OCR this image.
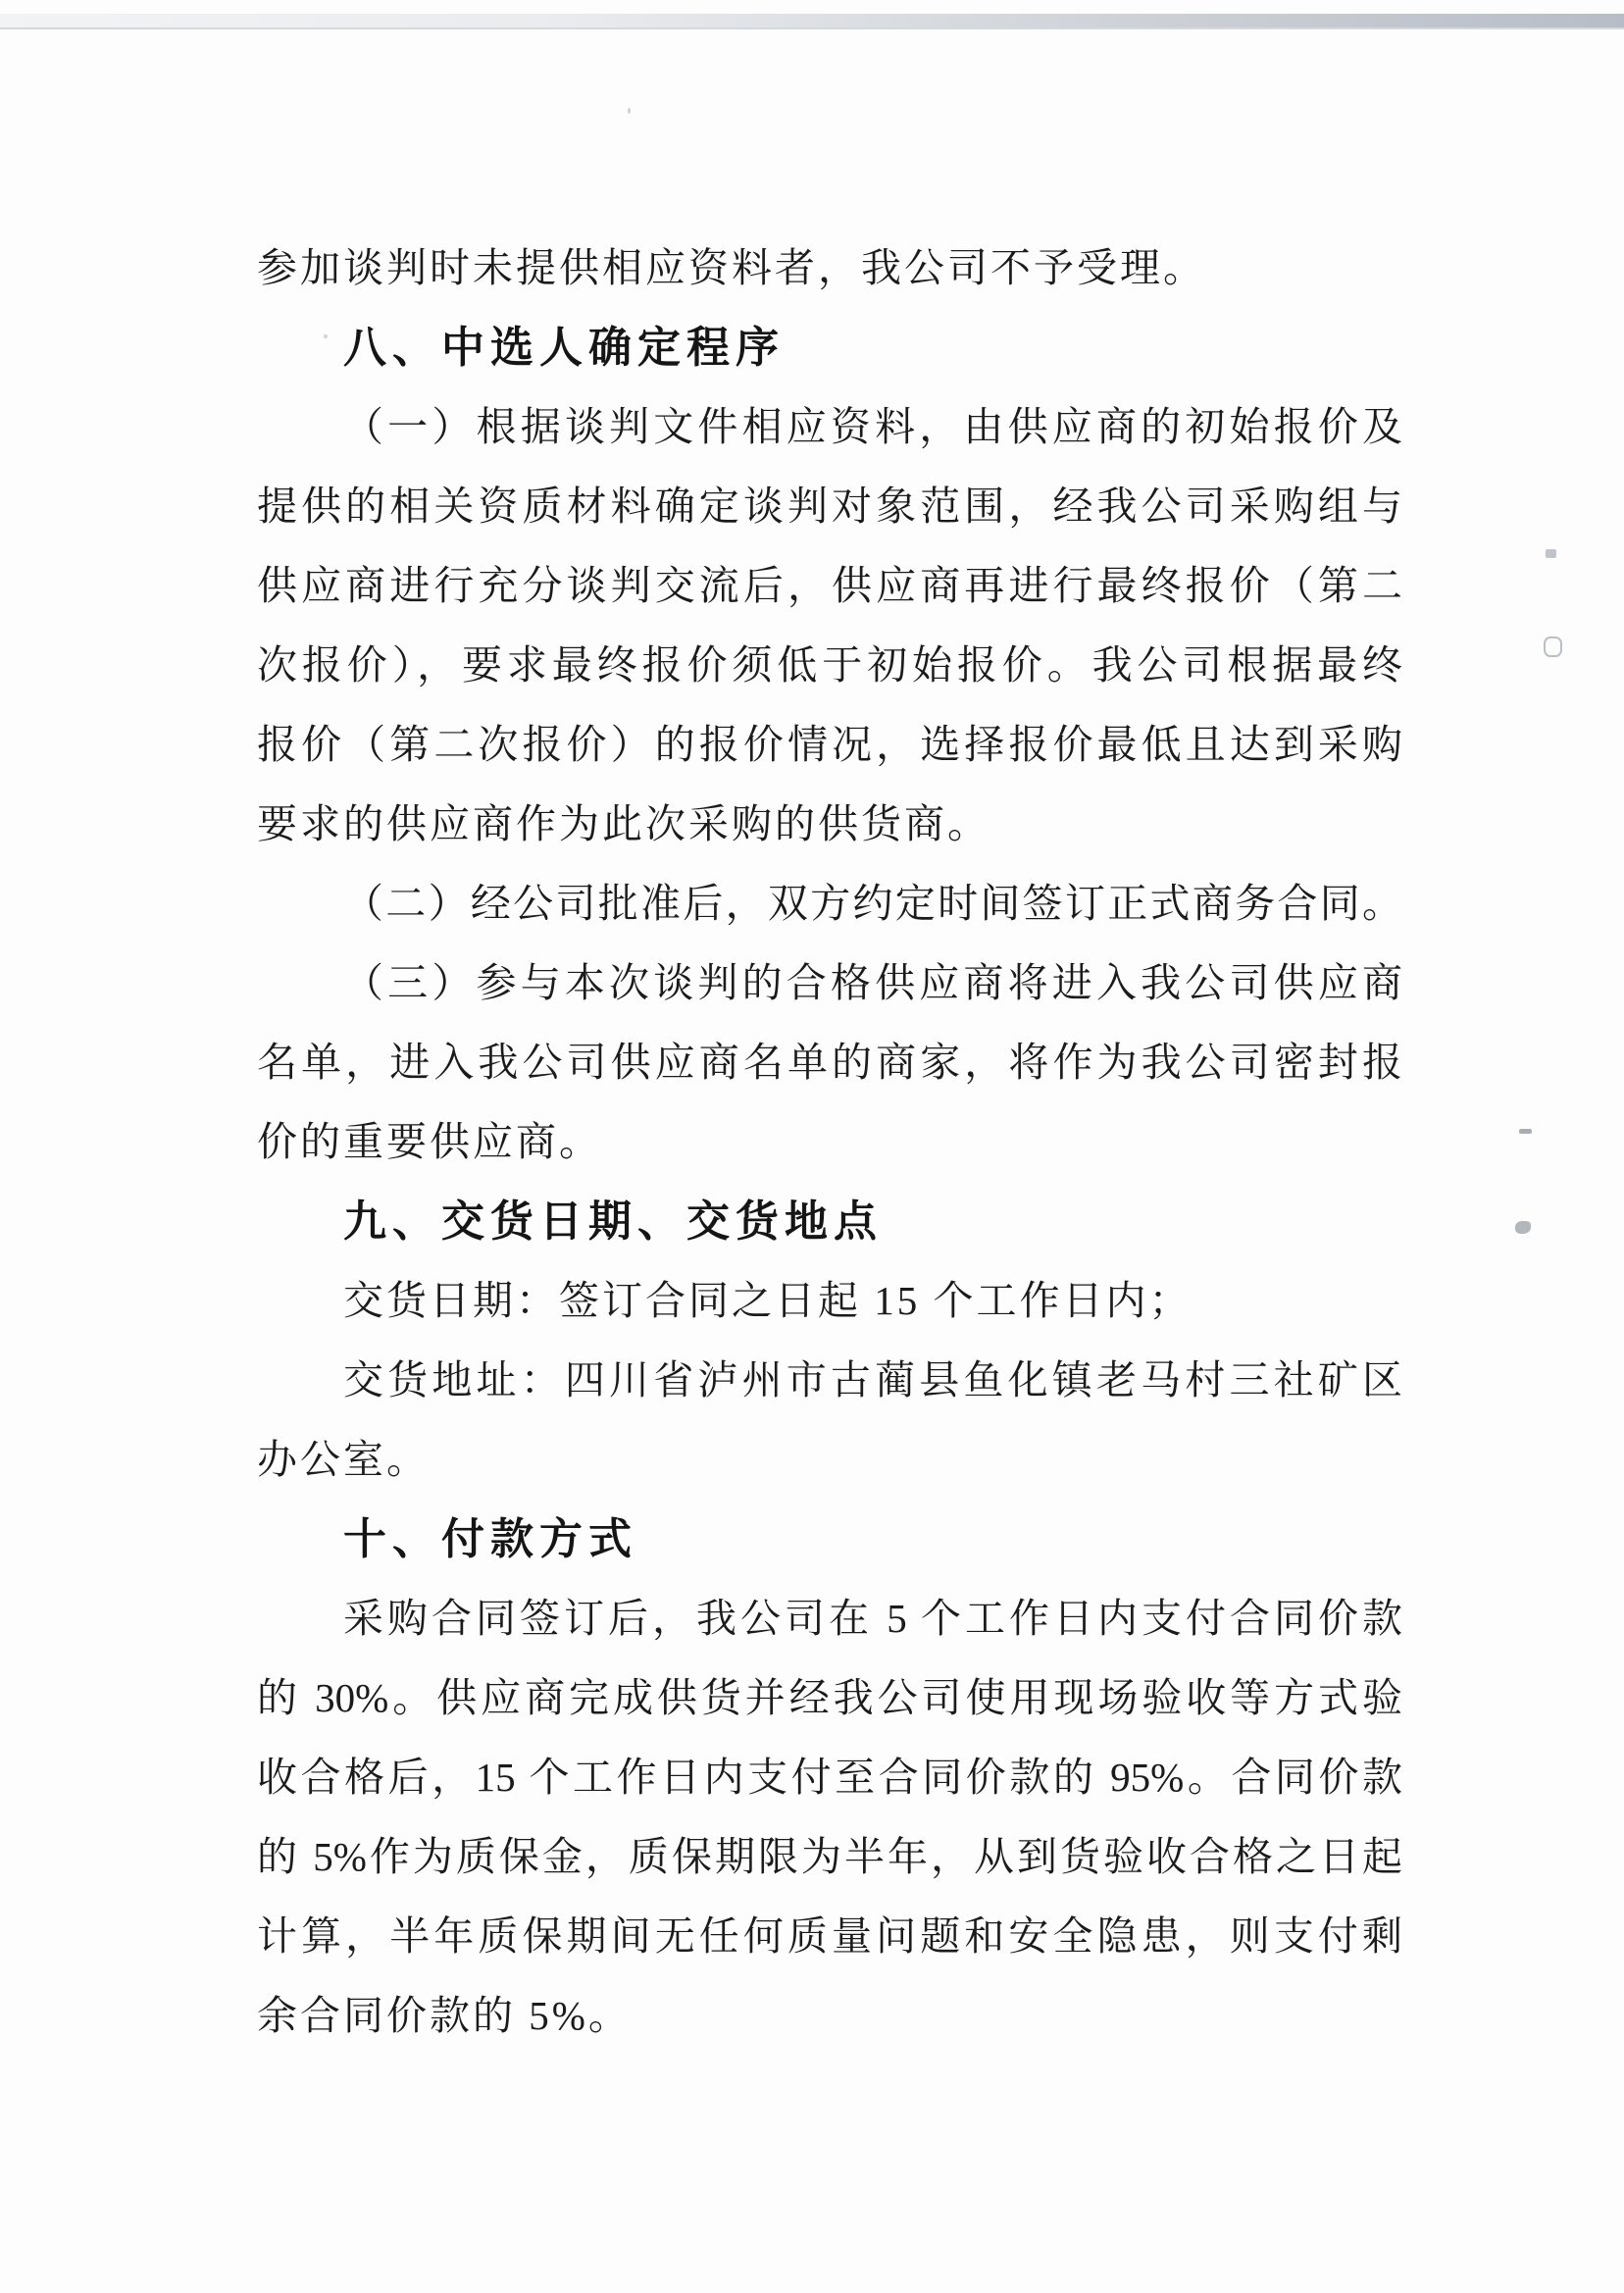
参加谈判时未提供相应资料者，我公司不予受理。
八、中选人确定程序
（一）根据谈判文件相应资料，由供应商的初始报价及
提供的相关资质材料确定谈判对象范围，经我公司采购组与
供应商进行充分谈判交流后，供应商再进行最终报价（第二
次报价），要求最终报价须低于初始报价。我公司根据最终
报价（第二次报价）的报价情况，选择报价最低且达到采购
要求的供应商作为此次采购的供货商。
（二）经公司批准后，双方约定时间签订正式商务合同。
（三）参与本次谈判的合格供应商将进入我公司供应商
名单，进入我公司供应商名单的商家，将作为我公司密封报
价的重要供应商。
九、交货日期、交货地点
交货日期：签订合同之日起 15 个工作日内；
交货地址：四川省泸州市古蔺县鱼化镇老马村三社矿区
办公室。
十、付款方式
采购合同签订后，我公司在 5 个工作日内支付合同价款
的 30%。供应商完成供货并经我公司使用现场验收等方式验
收合格后，15 个工作日内支付至合同价款的 95%。合同价款
的 5%作为质保金，质保期限为半年，从到货验收合格之日起
计算，半年质保期间无任何质量问题和安全隐患，则支付剩
余合同价款的 5%。
